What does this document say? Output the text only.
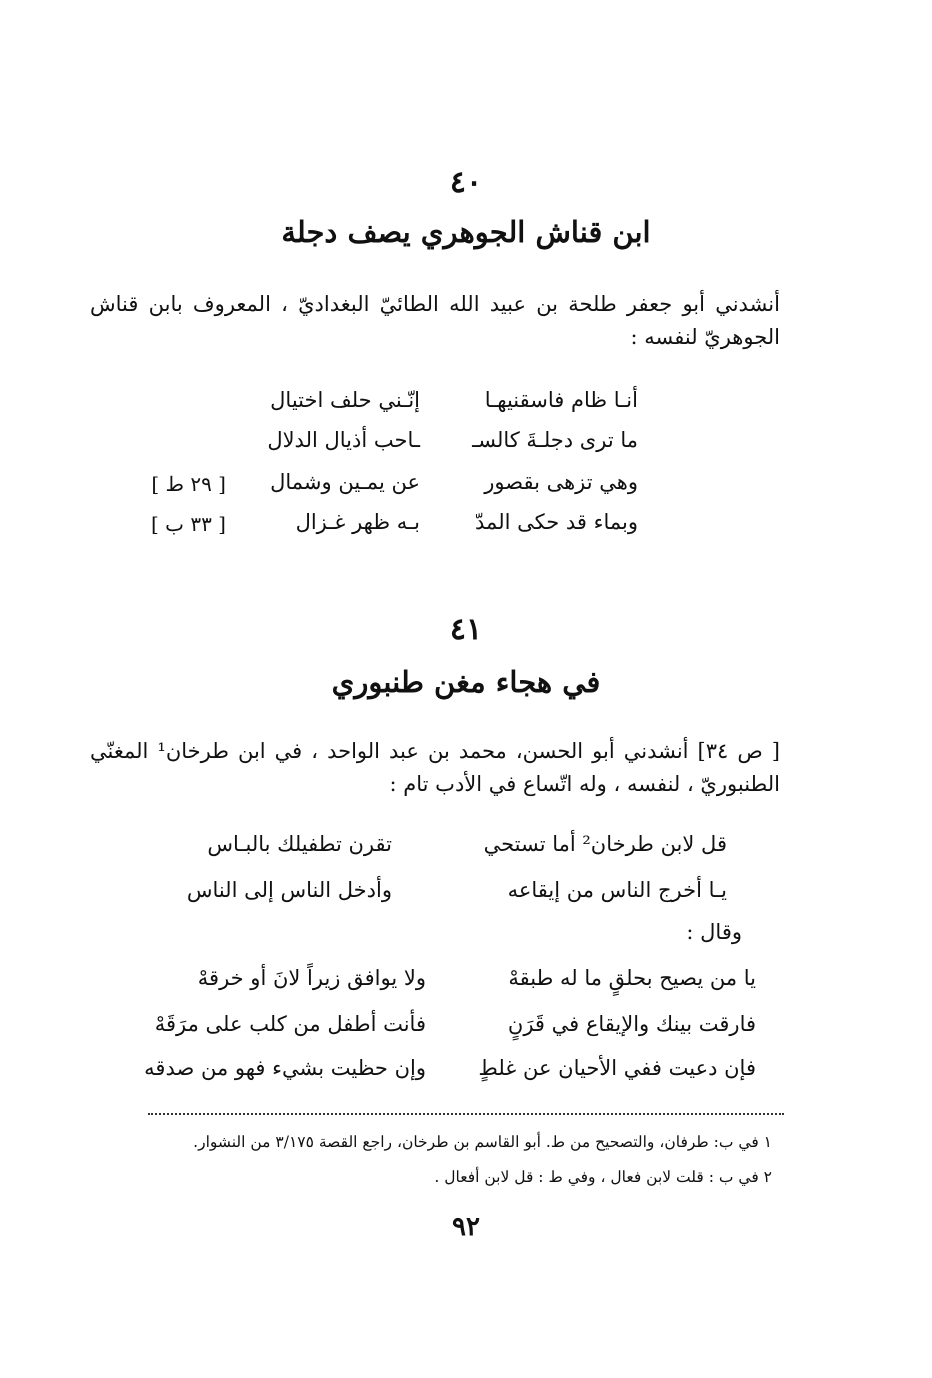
٤٠
ابن قناش الجوهري يصف دجلة
أنشدني أبو جعفر طلحة بن عبيد الله الطائيّ البغداديّ ، المعروف بابن قناش الجوهريّ لنفسه :
أنـا ظام فاسقنيهـا
إنّـني حلف اختيال
ما ترى دجلـةَ كالسـ
ـاحب أذيال الدلال
وهي تزهى بقصور
عن يمـين وشمال
[ ٢٩ ط ]
وبماء قد حكى المدّ
بـه ظهر غـزال
[ ٣٣ ب ]
٤١
في هجاء مغن طنبوري
[ ص ٣٤] أنشدني أبو الحسن، محمد بن عبد الواحد ، في ابن طرخان¹ المغنّي الطنبوريّ ، لنفسه ، وله اتّساع في الأدب تام :
قل لابن طرخان² أما تستحي
تقرن تطفيلك بالبـاس
يـا أخرج الناس من إيقاعه
وأدخل الناس إلى الناس
وقال :
يا من يصيح بحلقٍ ما له طبقهْ
ولا يوافق زيراً لانَ أو خرقهْ
فارقت بينك والإيقاع في قَرَنٍ
فأنت أطفل من كلب على مرَقَهْ
فإن دعيت ففي الأحيان عن غلطٍ
وإن حظيت بشيء فهو من صدقه
١ في ب: طرفان، والتصحيح من ط. أبو القاسم بن طرخان، راجع القصة ٣/١٧٥ من النشوار.
٢ في ب : قلت لابن فعال ، وفي ط : قل لابن أفعال .
٩٢
